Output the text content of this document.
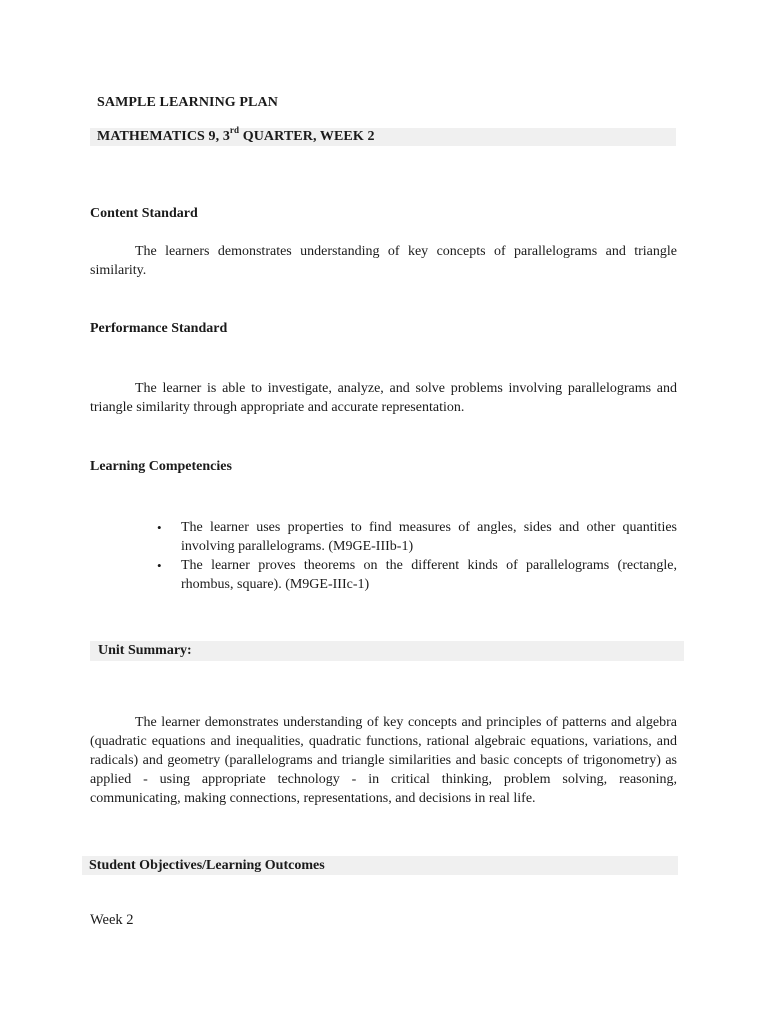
SAMPLE LEARNING PLAN
MATHEMATICS 9, 3rd QUARTER, WEEK 2
Content Standard
The learners demonstrates understanding of key concepts of parallelograms and triangle similarity.
Performance Standard
The learner is able to investigate, analyze, and solve problems involving parallelograms and triangle similarity through appropriate and accurate representation.
Learning Competencies
• The learner uses properties to find measures of angles, sides and other quantities involving parallelograms. (M9GE-IIIb-1)
• The learner proves theorems on the different kinds of parallelograms (rectangle, rhombus, square). (M9GE-IIIc-1)
Unit Summary:
The learner demonstrates understanding of key concepts and principles of patterns and algebra (quadratic equations and inequalities, quadratic functions, rational algebraic equations, variations, and radicals) and geometry (parallelograms and triangle similarities and basic concepts of trigonometry) as applied - using appropriate technology - in critical thinking, problem solving, reasoning, communicating, making connections, representations, and decisions in real life.
Student Objectives/Learning Outcomes
Week 2
